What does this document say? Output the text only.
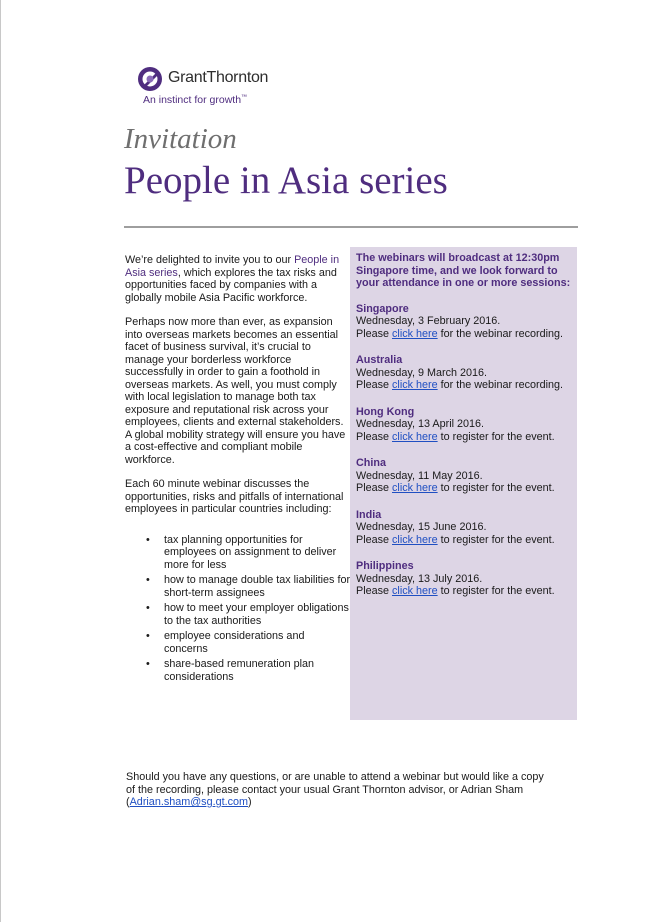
GrantThornton
An instinct for growth™
Invitation
People in Asia series

We’re delighted to invite you to our People in Asia series, which explores the tax risks and opportunities faced by companies with a globally mobile Asia Pacific workforce.

Perhaps now more than ever, as expansion into overseas markets becomes an essential facet of business survival, it’s crucial to manage your borderless workforce successfully in order to gain a foothold in overseas markets. As well, you must comply with local legislation to manage both tax exposure and reputational risk across your employees, clients and external stakeholders. A global mobility strategy will ensure you have a cost-effective and compliant mobile workforce.

Each 60 minute webinar discusses the opportunities, risks and pitfalls of international employees in particular countries including:

• tax planning opportunities for employees on assignment to deliver more for less
• how to manage double tax liabilities for short-term assignees
• how to meet your employer obligations to the tax authorities
• employee considerations and concerns
• share-based remuneration plan considerations
The webinars will broadcast at 12:30pm Singapore time, and we look forward to your attendance in one or more sessions:
Singapore
Wednesday, 3 February 2016.
Please click here for the webinar recording.
Australia
Wednesday, 9 March 2016.
Please click here for the webinar recording.
Hong Kong
Wednesday, 13 April 2016.
Please click here to register for the event.
China
Wednesday, 11 May 2016.
Please click here to register for the event.
India
Wednesday, 15 June 2016.
Please click here to register for the event.
Philippines
Wednesday, 13 July 2016.
Please click here to register for the event.
Should you have any questions, or are unable to attend a webinar but would like a copy of the recording, please contact your usual Grant Thornton advisor, or Adrian Sham (Adrian.sham@sg.gt.com)
